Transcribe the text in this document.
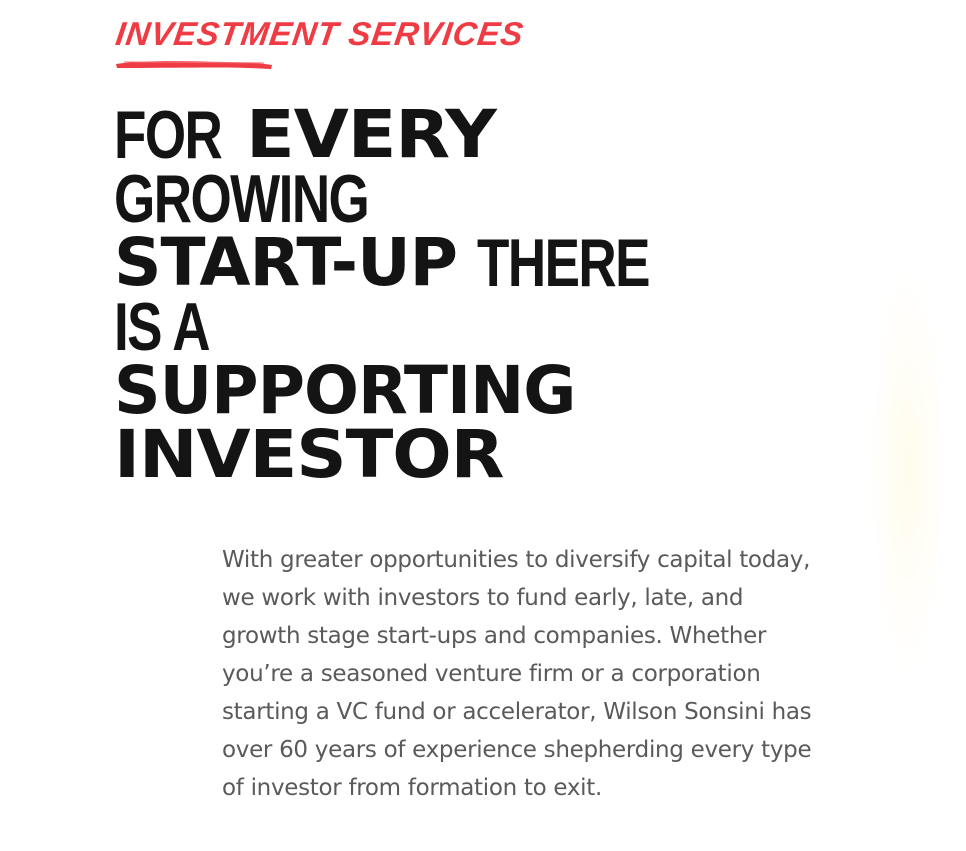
INVESTMENT SERVICES
FOR EVERY
GROWING
START-UP THERE
IS A
SUPPORTING
INVESTOR

With greater opportunities to diversify capital today, we work with investors to fund early, late, and growth stage start-ups and companies. Whether you’re a seasoned venture firm or a corporation starting a VC fund or accelerator, Wilson Sonsini has over 60 years of experience shepherding every type of investor from formation to exit.
